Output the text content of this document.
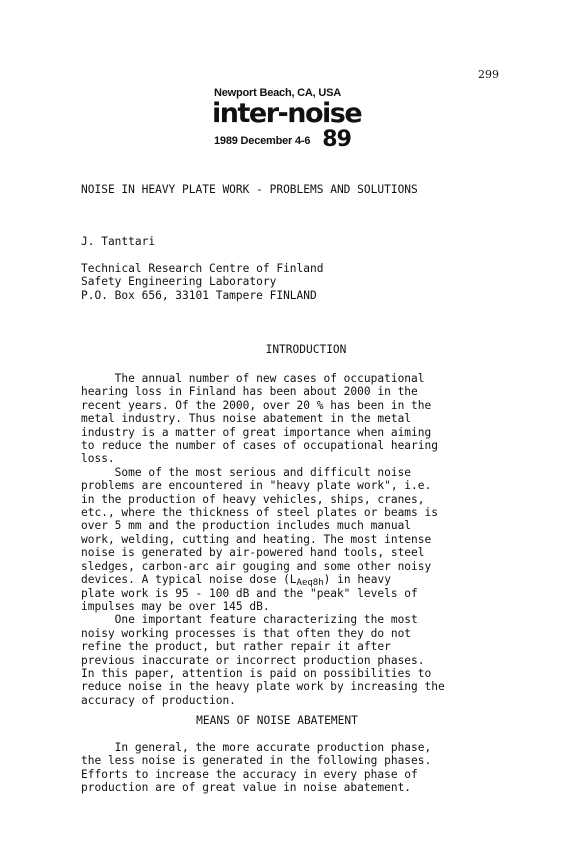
299
Newport Beach, CA, USA
inter-noise
1989 December 4-6 89
NOISE IN HEAVY PLATE WORK - PROBLEMS AND SOLUTIONS
J. Tanttari
Technical Research Centre of Finland
Safety Engineering Laboratory
P.O. Box 656, 33101 Tampere FINLAND
INTRODUCTION
The annual number of new cases of occupational
hearing loss in Finland has been about 2000 in the
recent years. Of the 2000, over 20 % has been in the
metal industry. Thus noise abatement in the metal
industry is a matter of great importance when aiming
to reduce the number of cases of occupational hearing
loss.
Some of the most serious and difficult noise
problems are encountered in "heavy plate work", i.e.
in the production of heavy vehicles, ships, cranes,
etc., where the thickness of steel plates or beams is
over 5 mm and the production includes much manual
work, welding, cutting and heating. The most intense
noise is generated by air-powered hand tools, steel
sledges, carbon-arc air gouging and some other noisy
devices. A typical noise dose $(L_{Aeq8h})$ in heavy
plate work is 95 - 100 dB and the "peak" levels of
impulses may be over 145 dB.
One important feature characterizing the most
noisy working processes is that often they do not
refine the product, but rather repair it after
previous inaccurate or incorrect production phases.
In this paper, attention is paid on possibilities to
reduce noise in the heavy plate work by increasing the
accuracy of production.
MEANS OF NOISE ABATEMENT
In general, the more accurate production phase,
the less noise is generated in the following phases.
Efforts to increase the accuracy in every phase of
production are of great value in noise abatement.
